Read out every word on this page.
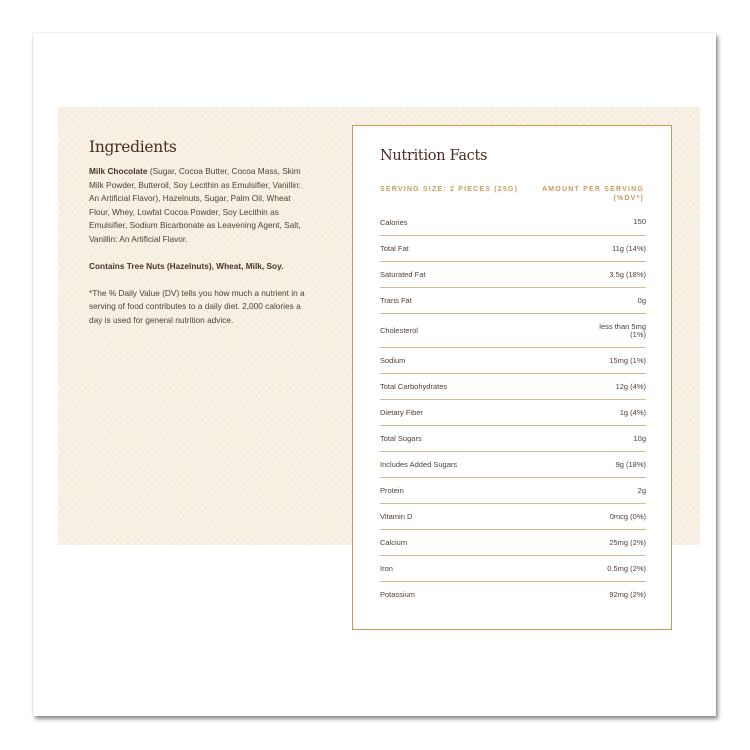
Ingredients

Milk Chocolate (Sugar, Cocoa Butter, Cocoa Mass, Skim Milk Powder, Butteroil, Soy Lecithin as Emulsifier, Vanillin: An Artificial Flavor), Hazelnuts, Sugar, Palm Oil, Wheat Flour, Whey, Lowfat Cocoa Powder, Soy Lecithin as Emulsifier, Sodium Bicarbonate as Leavening Agent, Salt, Vanillin: An Artificial Flavor.

Contains Tree Nuts (Hazelnuts), Wheat, Milk, Soy.

*The % Daily Value (DV) tells you how much a nutrient in a serving of food contributes to a daily diet. 2,000 calories a day is used for general nutrition advice.

Nutrition Facts
SERVING SIZE: 2 PIECES (25G)	AMOUNT PER SERVING (%DV*)
Calories	150
Total Fat	11g (14%)
Saturated Fat	3.5g (18%)
Trans Fat	0g
Cholesterol	less than 5mg
(1%)
Sodium	15mg (1%)
Total Carbohydrates	12g (4%)
Dietary Fiber	1g (4%)
Total Sugars	10g
Includes Added Sugars	9g (18%)
Protein	2g
Vitamin D	0mcg (0%)
Calcium	25mg (2%)
Iron	0.5mg (2%)
Potassium	92mg (2%)
